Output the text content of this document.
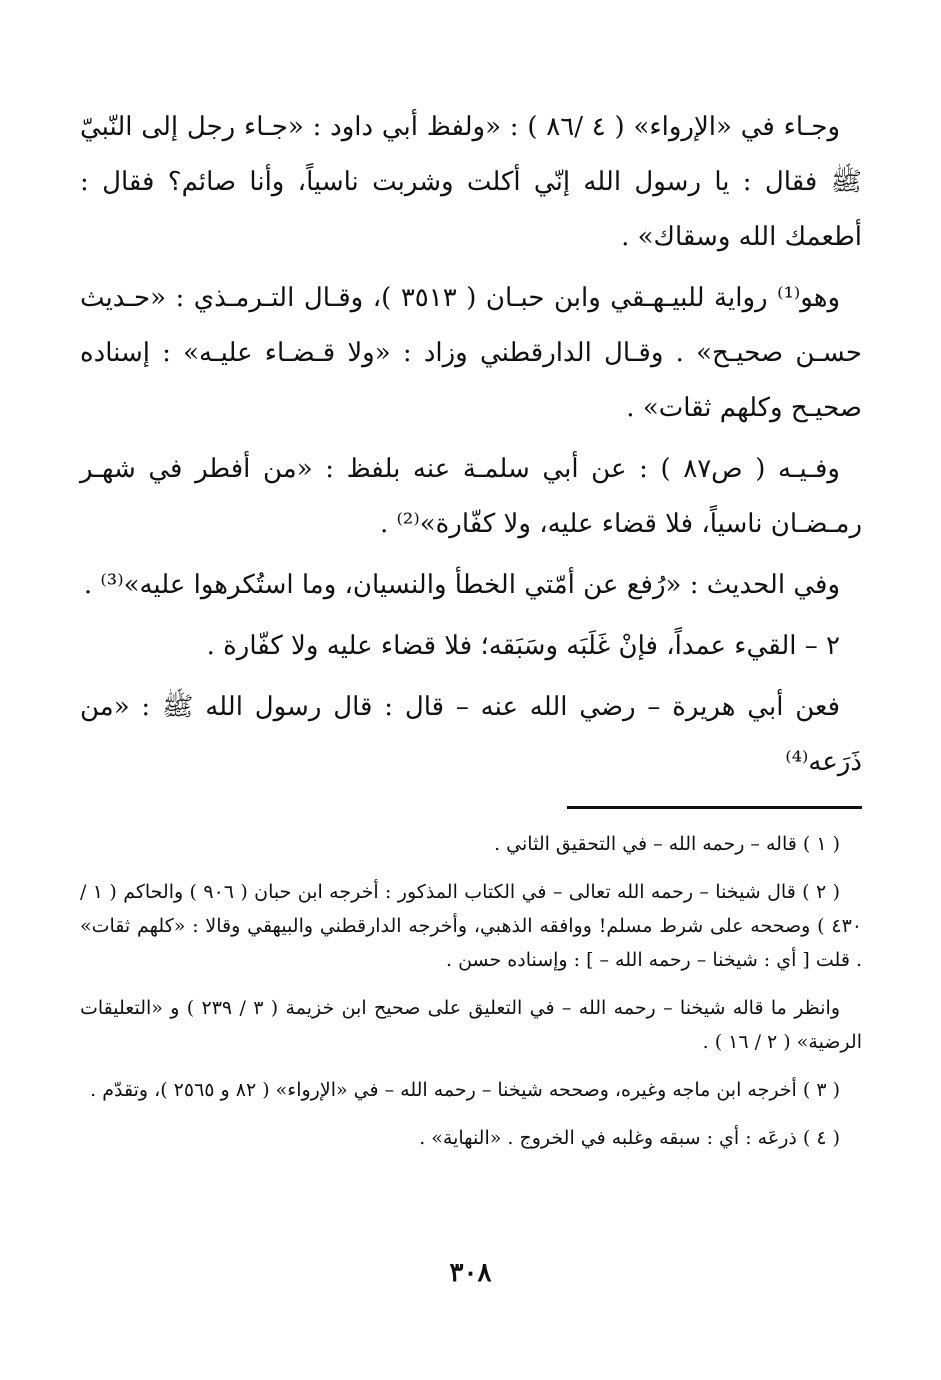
وجـاء في «الإرواء» ( ٤ /٨٦ ) : «ولفظ أبي داود : «جـاء رجل إلى النّبيّ ﷺ فقال : يا رسول الله إنّي أكلت وشربت ناسياً، وأنا صائم؟ فقال : أطعمك الله وسقاك» .

وهو⁽¹⁾ رواية للبيـهـقي وابن حبـان ( ٣٥١٣ )، وقـال التـرمـذي : «حـديث حسـن صحيـح» . وقـال الدارقطني وزاد : «ولا قـضـاء عليـه» : إسناده صحيـح وكلهم ثقات» .

وفـيـه ( ص٨٧ ) : عن أبي سلمـة عنه بلفظ : «من أفطر في شهـر رمـضـان ناسياً، فلا قضاء عليه، ولا كفّارة»⁽²⁾ .

وفي الحديث : «رُفع عن أمّتي الخطأ والنسيان، وما استُكرهوا عليه»⁽³⁾ .

٢ – القيء عمداً، فإنْ غَلَبَه وسَبَقه؛ فلا قضاء عليه ولا كفّارة .

فعن أبي هريرة – رضي الله عنه – قال : قال رسول الله ﷺ : «من ذَرَعه⁽⁴⁾

( ١ ) قاله – رحمه الله – في التحقيق الثاني .

( ٢ ) قال شيخنا – رحمه الله تعالى – في الكتاب المذكور : أخرجه ابن حبان ( ٩٠٦ ) والحاكم ( ١ / ٤٣٠ ) وصححه على شرط مسلم! ووافقه الذهبي، وأخرجه الدارقطني والبيهقي وقالا : «كلهم ثقات» . قلت [ أي : شيخنا – رحمه الله – ] : وإسناده حسن .

وانظر ما قاله شيخنا – رحمه الله – في التعليق على صحيح ابن خزيمة ( ٣ / ٢٣٩ ) و «التعليقات الرضية» ( ٢ / ١٦ ) .

( ٣ ) أخرجه ابن ماجه وغيره، وصححه شيخنا – رحمه الله – في «الإرواء» ( ٨٢ و ٢٥٦٥ )، وتقدّم .

( ٤ ) ذرعَه : أي : سبقه وغلبه في الخروج . «النهاية» .

٣٠٨
